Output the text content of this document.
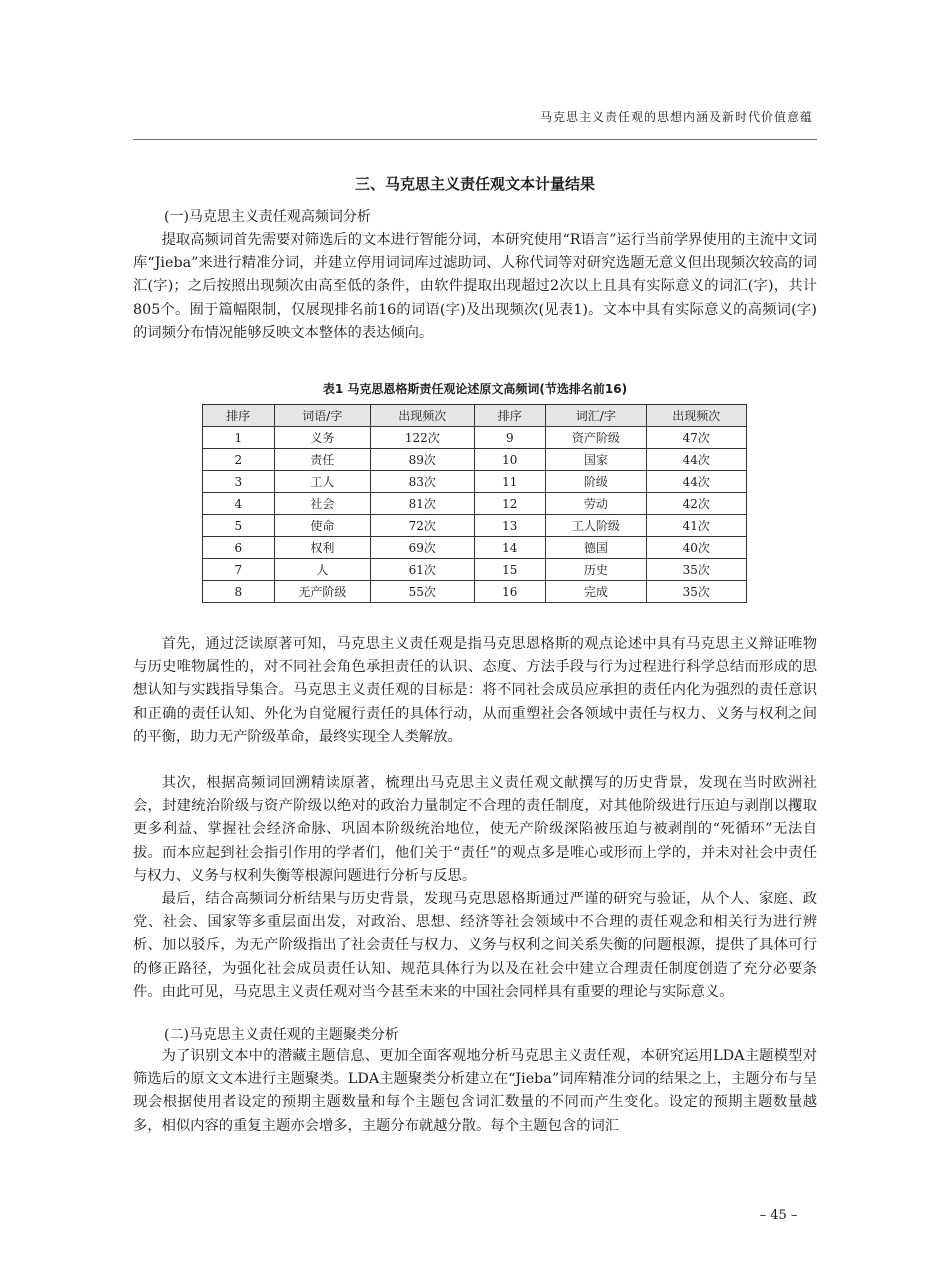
马克思主义责任观的思想内涵及新时代价值意蕴
三、马克思主义责任观文本计量结果
(一)马克思主义责任观高频词分析

提取高频词首先需要对筛选后的文本进行智能分词，本研究使用“R语言”运行当前学界使用的主流中文词库“Jieba”来进行精准分词，并建立停用词词库过滤助词、人称代词等对研究选题无意义但出现频次较高的词汇(字)；之后按照出现频次由高至低的条件，由软件提取出现超过2次以上且具有实际意义的词汇(字)，共计805个。囿于篇幅限制，仅展现排名前16的词语(字)及出现频次(见表1)。文本中具有实际意义的高频词(字)的词频分布情况能够反映文本整体的表达倾向。

表1 马克思恩格斯责任观论述原文高频词(节选排名前16)
排序	词语/字	出现频次	排序	词汇/字	出现频次
1	义务	122次	9	资产阶级	47次
2	责任	89次	10	国家	44次
3	工人	83次	11	阶级	44次
4	社会	81次	12	劳动	42次
5	使命	72次	13	工人阶级	41次
6	权利	69次	14	德国	40次
7	人	61次	15	历史	35次
8	无产阶级	55次	16	完成	35次

首先，通过泛读原著可知，马克思主义责任观是指马克思恩格斯的观点论述中具有马克思主义辩证唯物与历史唯物属性的，对不同社会角色承担责任的认识、态度、方法手段与行为过程进行科学总结而形成的思想认知与实践指导集合。马克思主义责任观的目标是：将不同社会成员应承担的责任内化为强烈的责任意识和正确的责任认知、外化为自觉履行责任的具体行动，从而重塑社会各领域中责任与权力、义务与权利之间的平衡，助力无产阶级革命，最终实现全人类解放。

其次，根据高频词回溯精读原著，梳理出马克思主义责任观文献撰写的历史背景，发现在当时欧洲社会，封建统治阶级与资产阶级以绝对的政治力量制定不合理的责任制度，对其他阶级进行压迫与剥削以攫取更多利益、掌握社会经济命脉、巩固本阶级统治地位，使无产阶级深陷被压迫与被剥削的“死循环”无法自拔。而本应起到社会指引作用的学者们，他们关于“责任”的观点多是唯心或形而上学的，并未对社会中责任与权力、义务与权利失衡等根源问题进行分析与反思。

最后，结合高频词分析结果与历史背景，发现马克思恩格斯通过严谨的研究与验证，从个人、家庭、政党、社会、国家等多重层面出发，对政治、思想、经济等社会领域中不合理的责任观念和相关行为进行辨析、加以驳斥，为无产阶级指出了社会责任与权力、义务与权利之间关系失衡的问题根源，提供了具体可行的修正路径，为强化社会成员责任认知、规范具体行为以及在社会中建立合理责任制度创造了充分必要条件。由此可见，马克思主义责任观对当今甚至未来的中国社会同样具有重要的理论与实际意义。

(二)马克思主义责任观的主题聚类分析

为了识别文本中的潜藏主题信息、更加全面客观地分析马克思主义责任观，本研究运用LDA主题模型对筛选后的原文文本进行主题聚类。LDA主题聚类分析建立在“Jieba”词库精准分词的结果之上，主题分布与呈现会根据使用者设定的预期主题数量和每个主题包含词汇数量的不同而产生变化。设定的预期主题数量越多，相似内容的重复主题亦会增多，主题分布就越分散。每个主题包含的词汇

– 45 –
